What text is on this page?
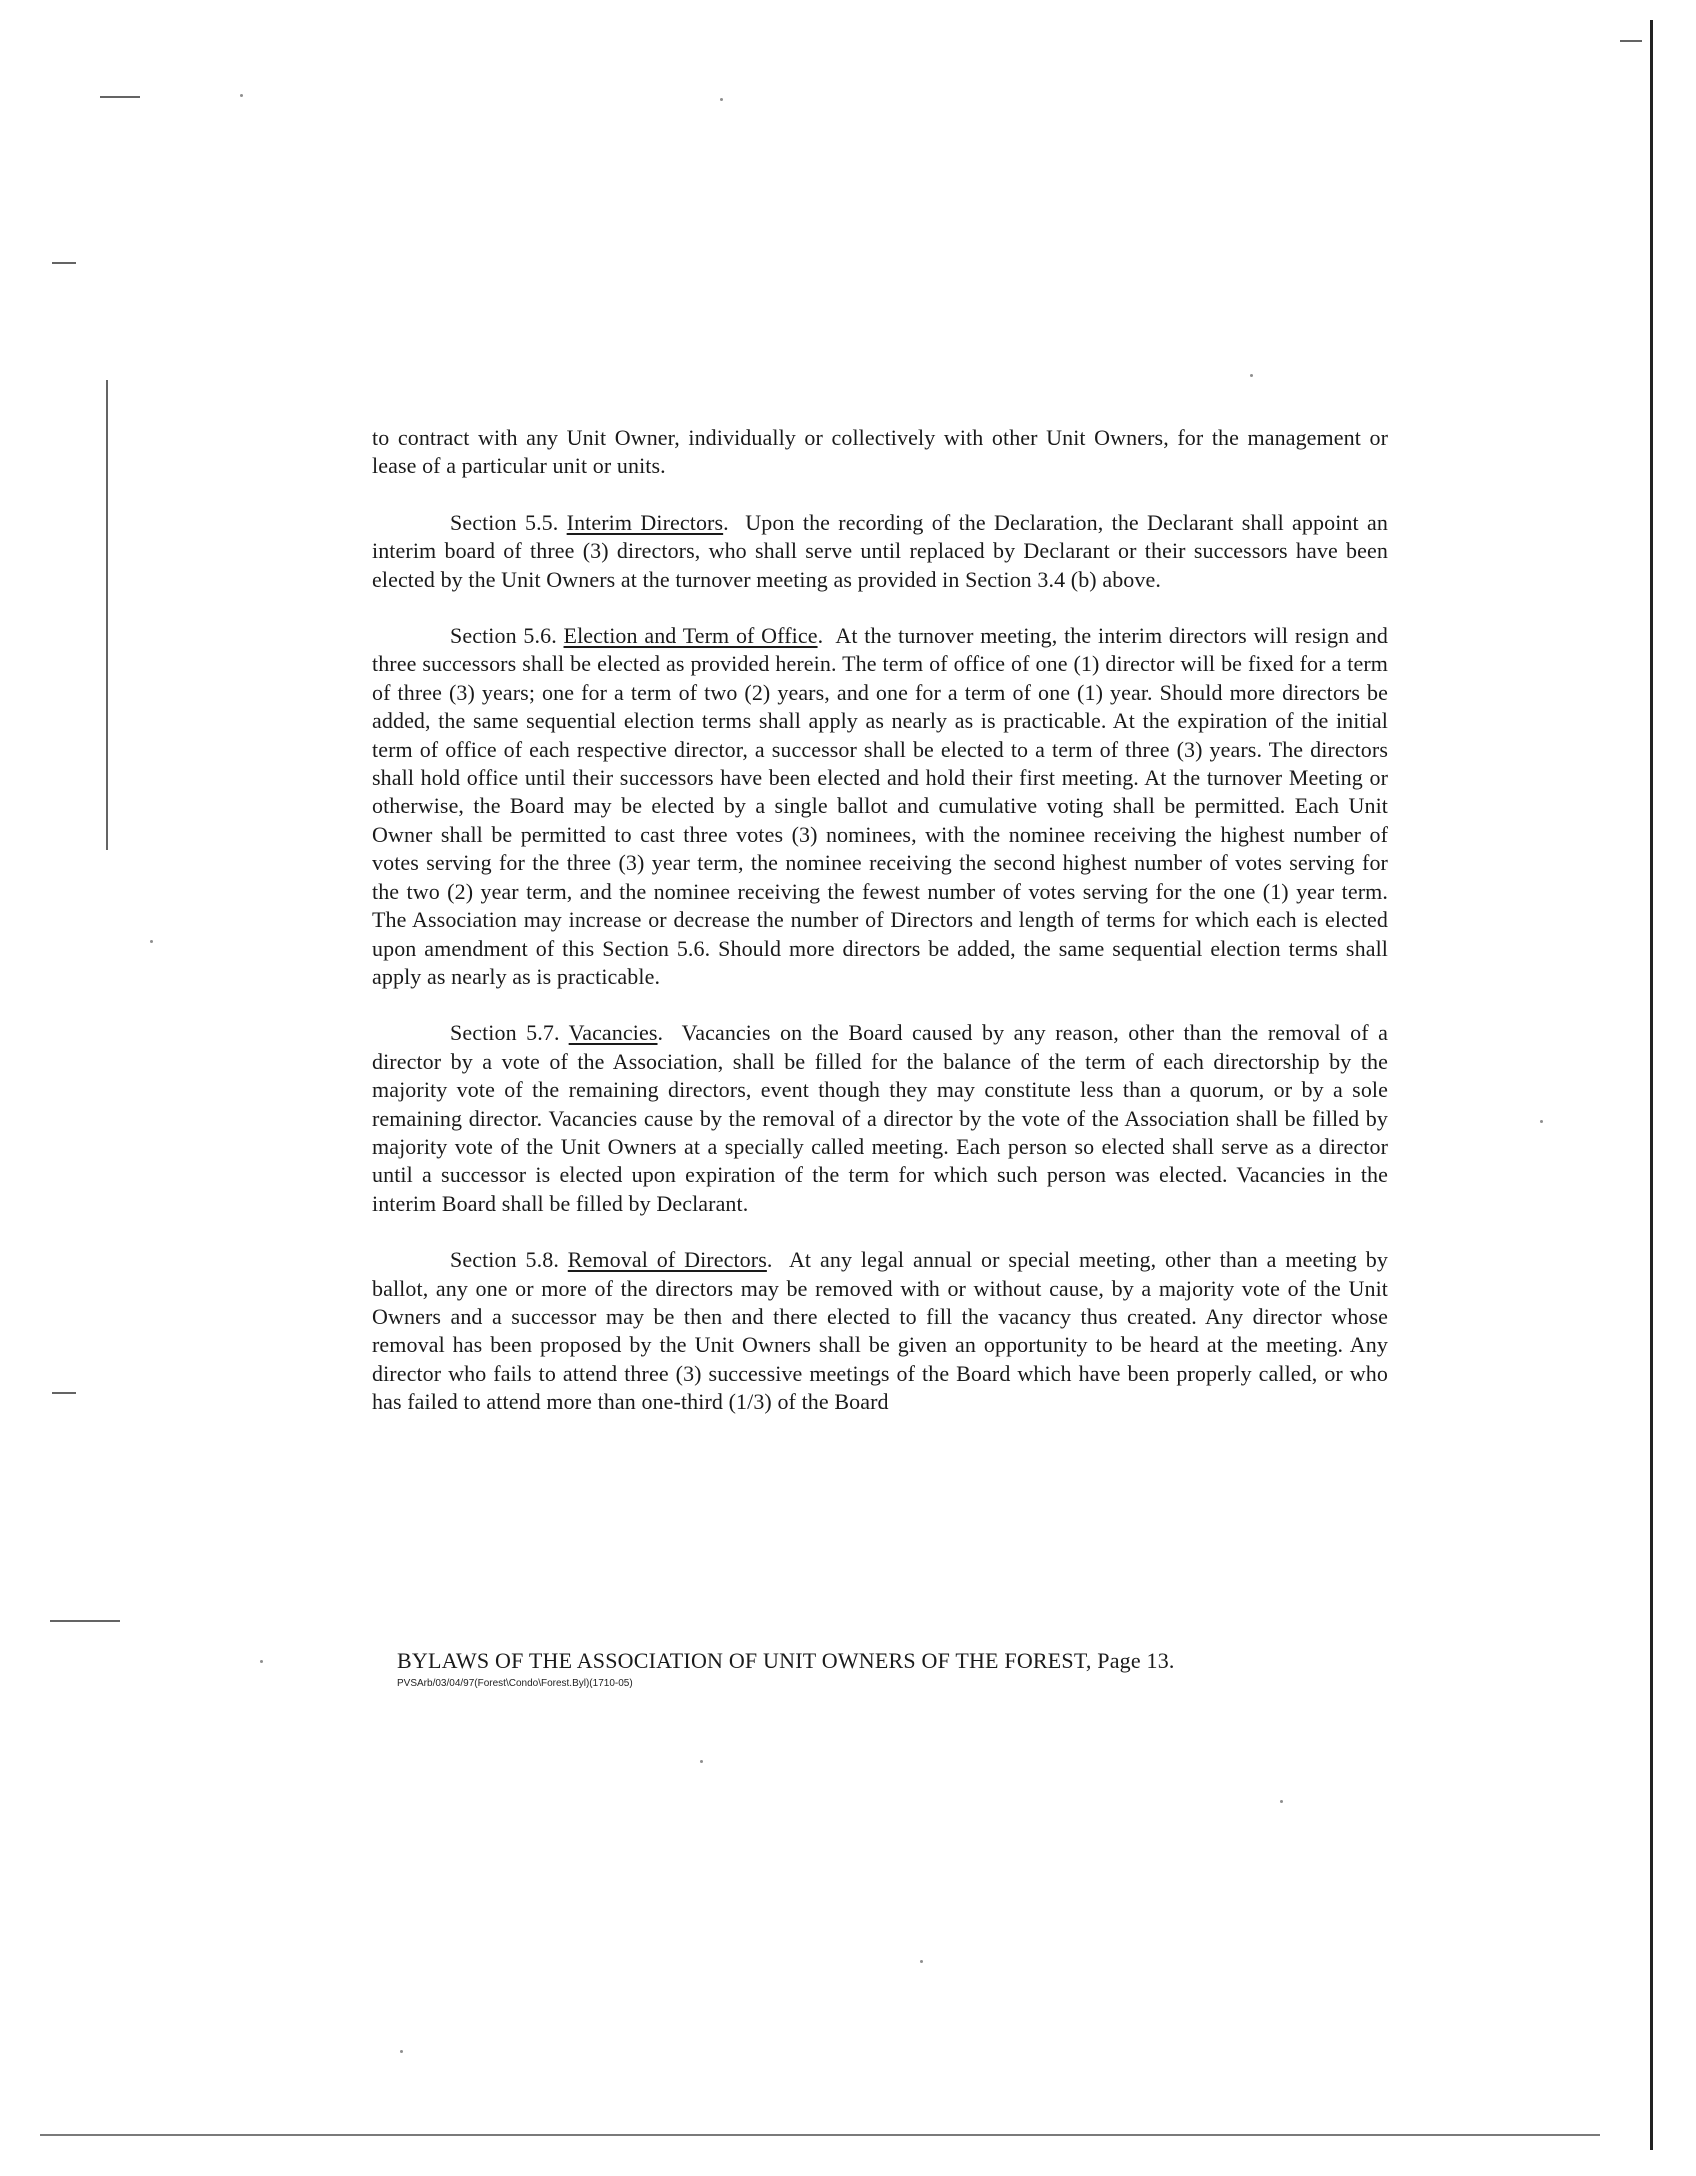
to contract with any Unit Owner, individually or collectively with other Unit Owners, for the management or lease of a particular unit or units.

Section 5.5. Interim Directors.  Upon the recording of the Declaration, the Declarant shall appoint an interim board of three (3) directors, who shall serve until replaced by Declarant or their successors have been elected by the Unit Owners at the turnover meeting as provided in Section 3.4 (b) above.

Section 5.6. Election and Term of Office.  At the turnover meeting, the interim directors will resign and three successors shall be elected as provided herein. The term of office of one (1) director will be fixed for a term of three (3) years; one for a term of two (2) years, and one for a term of one (1) year. Should more directors be added, the same sequential election terms shall apply as nearly as is practicable. At the expiration of the initial term of office of each respective director, a successor shall be elected to a term of three (3) years. The directors shall hold office until their successors have been elected and hold their first meeting. At the turnover Meeting or otherwise, the Board may be elected by a single ballot and cumulative voting shall be permitted. Each Unit Owner shall be permitted to cast three votes (3) nominees, with the nominee receiving the highest number of votes serving for the three (3) year term, the nominee receiving the second highest number of votes serving for the two (2) year term, and the nominee receiving the fewest number of votes serving for the one (1) year term. The Association may increase or decrease the number of Directors and length of terms for which each is elected upon amendment of this Section 5.6. Should more directors be added, the same sequential election terms shall apply as nearly as is practicable.

Section 5.7. Vacancies.  Vacancies on the Board caused by any reason, other than the removal of a director by a vote of the Association, shall be filled for the balance of the term of each directorship by the majority vote of the remaining directors, event though they may constitute less than a quorum, or by a sole remaining director. Vacancies cause by the removal of a director by the vote of the Association shall be filled by majority vote of the Unit Owners at a specially called meeting. Each person so elected shall serve as a director until a successor is elected upon expiration of the term for which such person was elected. Vacancies in the interim Board shall be filled by Declarant.

Section 5.8. Removal of Directors.  At any legal annual or special meeting, other than a meeting by ballot, any one or more of the directors may be removed with or without cause, by a majority vote of the Unit Owners and a successor may be then and there elected to fill the vacancy thus created. Any director whose removal has been proposed by the Unit Owners shall be given an opportunity to be heard at the meeting. Any director who fails to attend three (3) successive meetings of the Board which have been properly called, or who has failed to attend more than one-third (1/3) of the Board

BYLAWS OF THE ASSOCIATION OF UNIT OWNERS OF THE FOREST, Page 13.
PVSArb/03/04/97(Forest\Condo\Forest.Byl)(1710-05)
